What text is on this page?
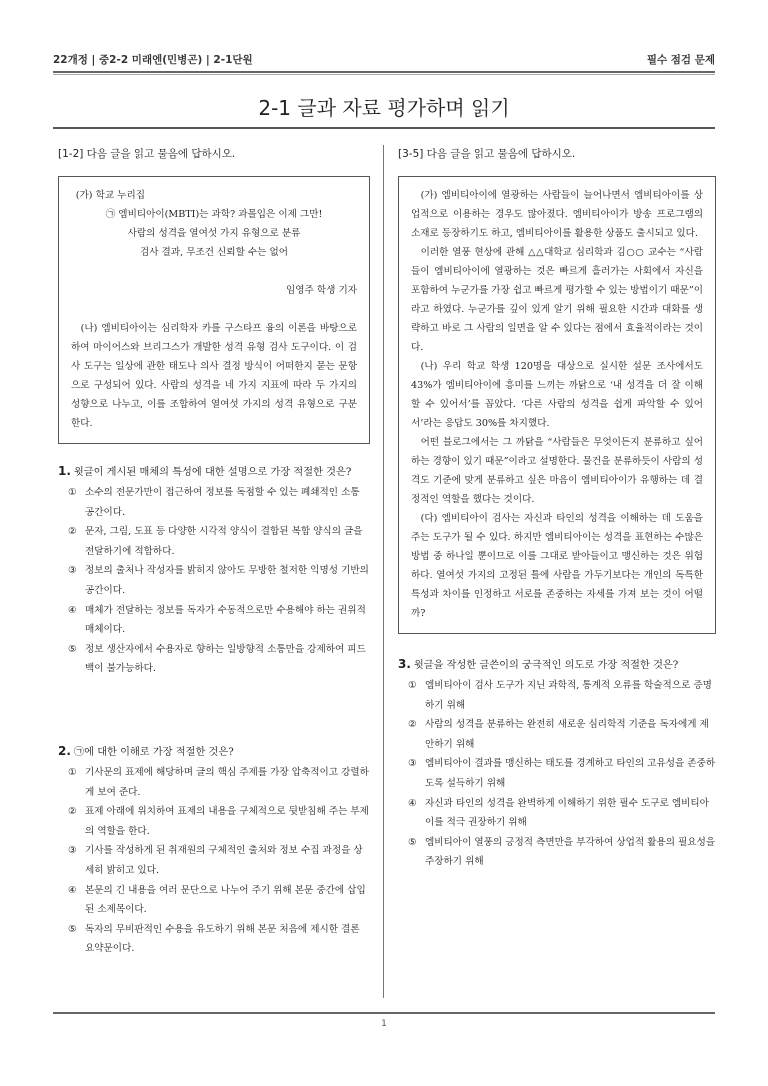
22개정 | 중2-2 미래엔(민병곤) | 2-1단원	필수 점검 문제
2-1 글과 자료 평가하며 읽기
[1-2] 다음 글을 읽고 물음에 답하시오.

(가) 학교 누리집

㉠ 엠비티아이(MBTI)는 과학? 과몰입은 이제 그만!

사람의 성격을 열여섯 가지 유형으로 분류

검사 결과, 무조건 신뢰할 수는 없어

임영주 학생 기자

(나) 엠비티아이는 심리학자 카를 구스타프 융의 이론을 바탕으로 하여 마이어스와 브리그스가 개발한 성격 유형 검사 도구이다. 이 검사 도구는 일상에 관한 태도나 의사 결정 방식이 어떠한지 묻는 문항으로 구성되어 있다. 사람의 성격을 네 가지 지표에 따라 두 가지의 성향으로 나누고, 이를 조합하여 열여섯 가지의 성격 유형으로 구분한다.

1. 윗글이 게시된 매체의 특성에 대한 설명으로 가장 적절한 것은?
① 소수의 전문가만이 접근하여 정보를 독점할 수 있는 폐쇄적인 소통 공간이다.
② 문자, 그림, 도표 등 다양한 시각적 양식이 결합된 복합 양식의 글을 전달하기에 적합하다.
③ 정보의 출처나 작성자를 밝히지 않아도 무방한 철저한 익명성 기반의 공간이다.
④ 매체가 전달하는 정보를 독자가 수동적으로만 수용해야 하는 권위적 매체이다.
⑤ 정보 생산자에서 수용자로 향하는 일방향적 소통만을 강제하여 피드백이 불가능하다.
2. ㉠에 대한 이해로 가장 적절한 것은?
① 기사문의 표제에 해당하며 글의 핵심 주제를 가장 압축적이고 강렬하게 보여 준다.
② 표제 아래에 위치하여 표제의 내용을 구체적으로 뒷받침해 주는 부제의 역할을 한다.
③ 기사를 작성하게 된 취재원의 구체적인 출처와 정보 수집 과정을 상세히 밝히고 있다.
④ 본문의 긴 내용을 여러 문단으로 나누어 주기 위해 본문 중간에 삽입된 소제목이다.
⑤ 독자의 무비판적인 수용을 유도하기 위해 본문 처음에 제시한 결론 요약문이다.
[3-5] 다음 글을 읽고 물음에 답하시오.

(가) 엠비티아이에 열광하는 사람들이 늘어나면서 엠비티아이를 상업적으로 이용하는 경우도 많아졌다. 엠비티아이가 방송 프로그램의 소재로 등장하기도 하고, 엠비티아이를 활용한 상품도 출시되고 있다.

이러한 열풍 현상에 관해 △△대학교 심리학과 김○○ 교수는 “사람들이 엠비티아이에 열광하는 것은 빠르게 흘러가는 사회에서 자신을 포함하여 누군가를 가장 쉽고 빠르게 평가할 수 있는 방법이기 때문”이라고 하였다. 누군가를 깊이 있게 알기 위해 필요한 시간과 대화를 생략하고 바로 그 사람의 일면을 알 수 있다는 점에서 효율적이라는 것이다.

(나) 우리 학교 학생 120명을 대상으로 실시한 설문 조사에서도 43%가 엠비티아이에 흥미를 느끼는 까닭으로 ‘내 성격을 더 잘 이해할 수 있어서’를 꼽았다. ‘다른 사람의 성격을 쉽게 파악할 수 있어서’라는 응답도 30%를 차지했다.

어떤 블로그에서는 그 까닭을 “사람들은 무엇이든지 분류하고 싶어 하는 경향이 있기 때문”이라고 설명한다. 물건을 분류하듯이 사람의 성격도 기준에 맞게 분류하고 싶은 마음이 엠비티아이가 유행하는 데 결정적인 역할을 했다는 것이다.

(다) 엠비티아이 검사는 자신과 타인의 성격을 이해하는 데 도움을 주는 도구가 될 수 있다. 하지만 엠비티아이는 성격을 표현하는 수많은 방법 중 하나일 뿐이므로 이를 그대로 받아들이고 맹신하는 것은 위험하다. 열여섯 가지의 고정된 틀에 사람을 가두기보다는 개인의 독특한 특성과 차이를 인정하고 서로를 존중하는 자세를 가져 보는 것이 어떨까?

3. 윗글을 작성한 글쓴이의 궁극적인 의도로 가장 적절한 것은?
① 엠비티아이 검사 도구가 지닌 과학적, 통계적 오류를 학술적으로 증명하기 위해
② 사람의 성격을 분류하는 완전히 새로운 심리학적 기준을 독자에게 제안하기 위해
③ 엠비티아이 결과를 맹신하는 태도를 경계하고 타인의 고유성을 존중하도록 설득하기 위해
④ 자신과 타인의 성격을 완벽하게 이해하기 위한 필수 도구로 엠비티아이를 적극 권장하기 위해
⑤ 엠비티아이 열풍의 긍정적 측면만을 부각하여 상업적 활용의 필요성을 주장하기 위해
1
